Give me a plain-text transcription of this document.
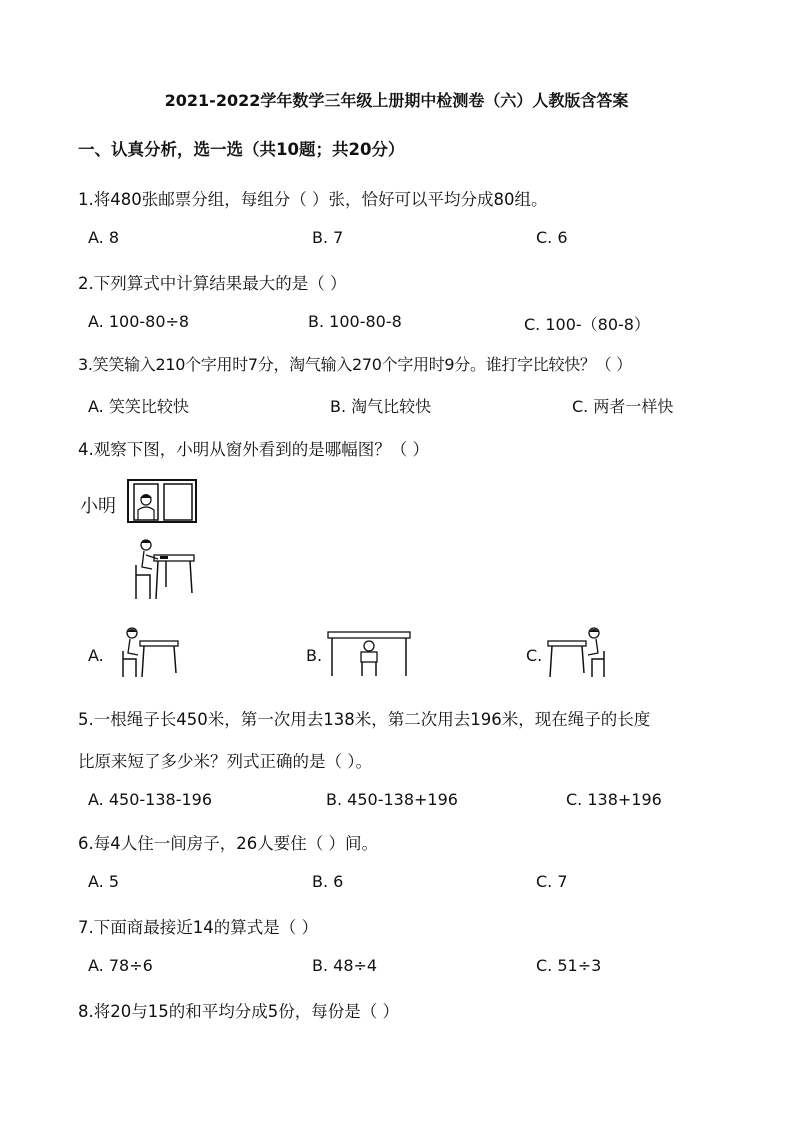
2021-2022学年数学三年级上册期中检测卷（六）人教版含答案
一、认真分析，选一选（共10题；共20分）
1.将480张邮票分组，每组分（ ）张，恰好可以平均分成80组。
A. 8	B. 7	C. 6
2.下列算式中计算结果最大的是（ ）
A. 100-80÷8	B. 100-80-8	C. 100-（80-8）
3.笑笑输入210个字用时7分，淘气输入270个字用时9分。谁打字比较快？（ ）
A. 笑笑比较快	B. 淘气比较快	C. 两者一样快
4.观察下图，小明从窗外看到的是哪幅图？（ ）
小明
A.	B.	C.
5.一根绳子长450米，第一次用去138米，第二次用去196米，现在绳子的长度
比原来短了多少米？列式正确的是（ ）。
A. 450-138-196	B. 450-138+196	C. 138+196
6.每4人住一间房子，26人要住（ ）间。
A. 5	B. 6	C. 7
7.下面商最接近14的算式是（ ）
A. 78÷6	B. 48÷4	C. 51÷3
8.将20与15的和平均分成5份，每份是（ ）
